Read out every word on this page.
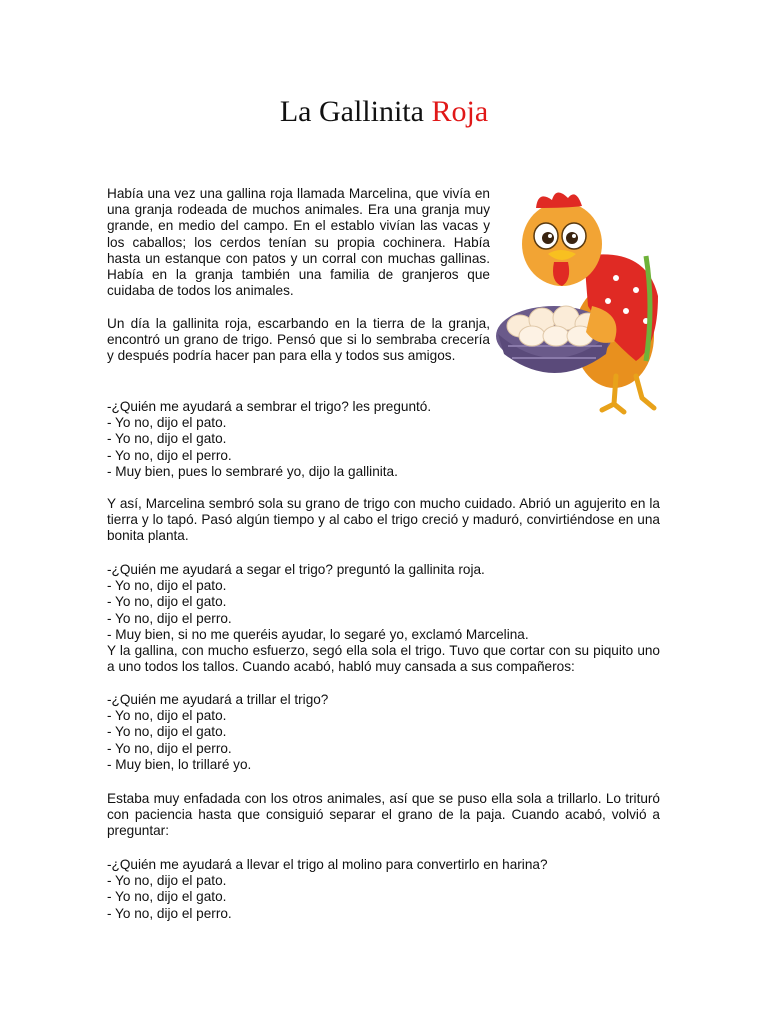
La Gallinita Roja

Había una vez una gallina roja llamada Marcelina, que vivía en una granja rodeada de muchos animales. Era una granja muy grande, en medio del campo. En el establo vivían las vacas y los caballos; los cerdos tenían su propia cochinera. Había hasta un estanque con patos y un corral con muchas gallinas. Había en la granja también una familia de granjeros que cuidaba de todos los animales.

Un día la gallinita roja, escarbando en la tierra de la granja, encontró un grano de trigo. Pensó que si lo sembraba crecería y después podría hacer pan para ella y todos sus amigos.

-¿Quién me ayudará a sembrar el trigo? les preguntó.
- Yo no, dijo el pato.
- Yo no, dijo el gato.
- Yo no, dijo el perro.
- Muy bien, pues lo sembraré yo, dijo la gallinita.

Y así, Marcelina sembró sola su grano de trigo con mucho cuidado. Abrió un agujerito en la tierra y lo tapó. Pasó algún tiempo y al cabo el trigo creció y maduró, convirtiéndose en una bonita planta.

-¿Quién me ayudará a segar el trigo? preguntó la gallinita roja.
- Yo no, dijo el pato.
- Yo no, dijo el gato.
- Yo no, dijo el perro.
- Muy bien, si no me queréis ayudar, lo segaré yo, exclamó Marcelina.

Y la gallina, con mucho esfuerzo, segó ella sola el trigo. Tuvo que cortar con su piquito uno a uno todos los tallos. Cuando acabó, habló muy cansada a sus compañeros:

-¿Quién me ayudará a trillar el trigo?
- Yo no, dijo el pato.
- Yo no, dijo el gato.
- Yo no, dijo el perro.
- Muy bien, lo trillaré yo.

Estaba muy enfadada con los otros animales, así que se puso ella sola a trillarlo. Lo trituró con paciencia hasta que consiguió separar el grano de la paja. Cuando acabó, volvió a preguntar:

-¿Quién me ayudará a llevar el trigo al molino para convertirlo en harina?
- Yo no, dijo el pato.
- Yo no, dijo el gato.
- Yo no, dijo el perro.
